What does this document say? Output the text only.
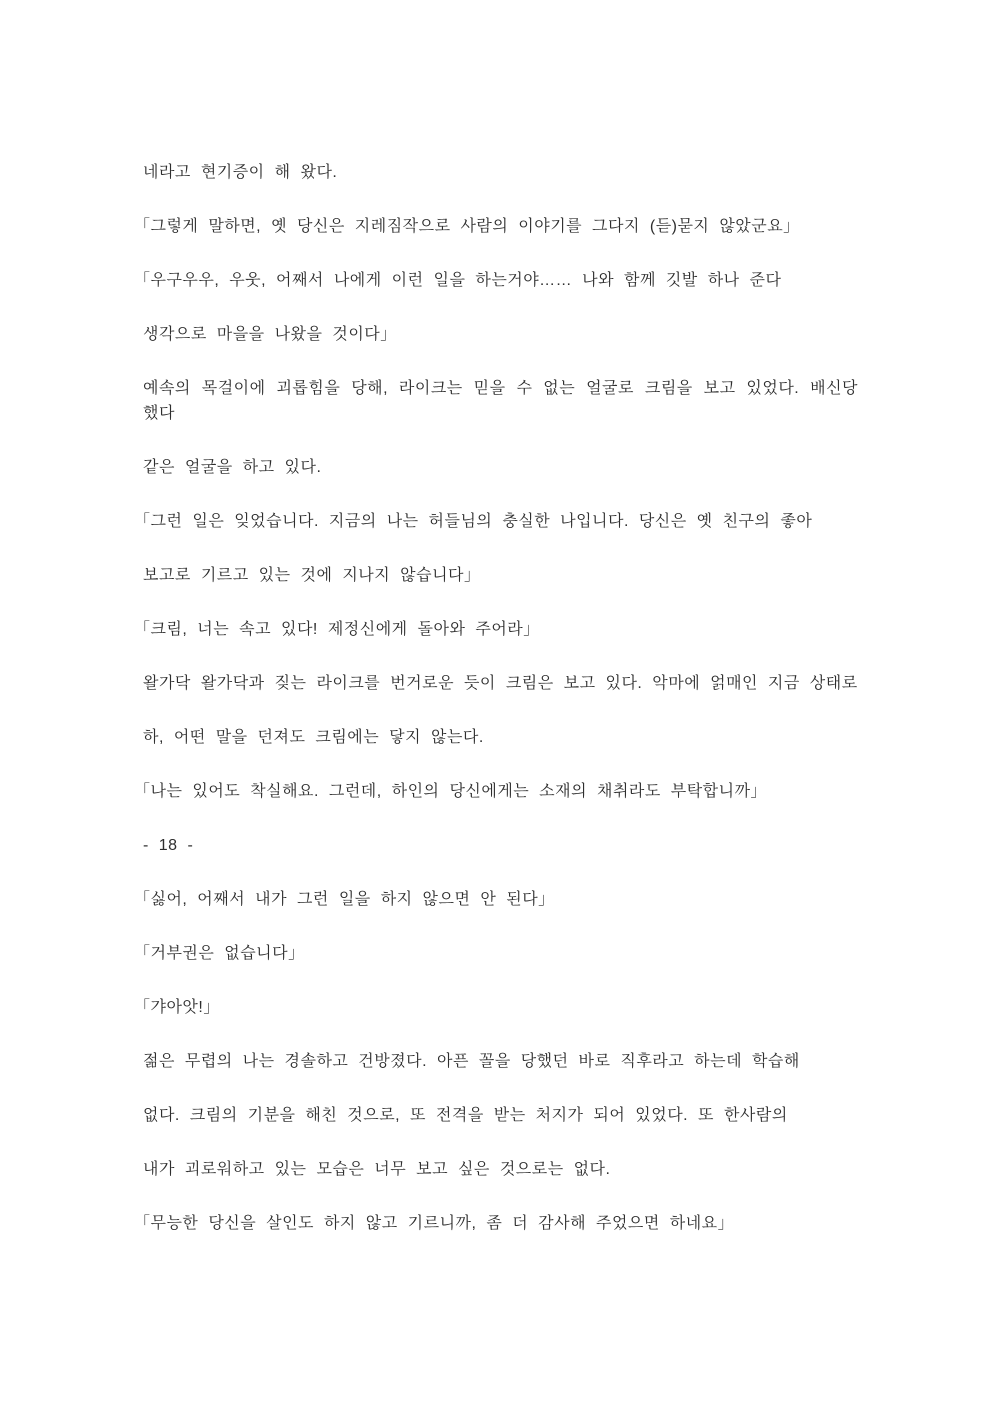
네라고 현기증이 해 왔다.
「그렇게 말하면, 옛 당신은 지레짐작으로 사람의 이야기를 그다지 (듣)묻지 않았군요」
「우구우우, 우웃, 어째서 나에게 이런 일을 하는거야…… 나와 함께 깃발 하나 준다
생각으로 마을을 나왔을 것이다」
예속의 목걸이에 괴롭힘을 당해, 라이크는 믿을 수 없는 얼굴로 크림을 보고 있었다. 배신당
했다
같은 얼굴을 하고 있다.
「그런 일은 잊었습니다. 지금의 나는 허들님의 충실한 나입니다. 당신은 옛 친구의 좋아
보고로 기르고 있는 것에 지나지 않습니다」
「크림, 너는 속고 있다! 제정신에게 돌아와 주어라」
왈가닥 왈가닥과 짖는 라이크를 번거로운 듯이 크림은 보고 있다. 악마에 얽매인 지금 상태로
하, 어떤 말을 던져도 크림에는 닿지 않는다.
「나는 있어도 착실해요. 그런데, 하인의 당신에게는 소재의 채취라도 부탁합니까」
- 18 -
「싫어, 어째서 내가 그런 일을 하지 않으면 안 된다」
「거부권은 없습니다」
「갸아앗!」
젊은 무렵의 나는 경솔하고 건방졌다. 아픈 꼴을 당했던 바로 직후라고 하는데 학습해
없다. 크림의 기분을 해친 것으로, 또 전격을 받는 처지가 되어 있었다. 또 한사람의
내가 괴로워하고 있는 모습은 너무 보고 싶은 것으로는 없다.
「무능한 당신을 살인도 하지 않고 기르니까, 좀 더 감사해 주었으면 하네요」
